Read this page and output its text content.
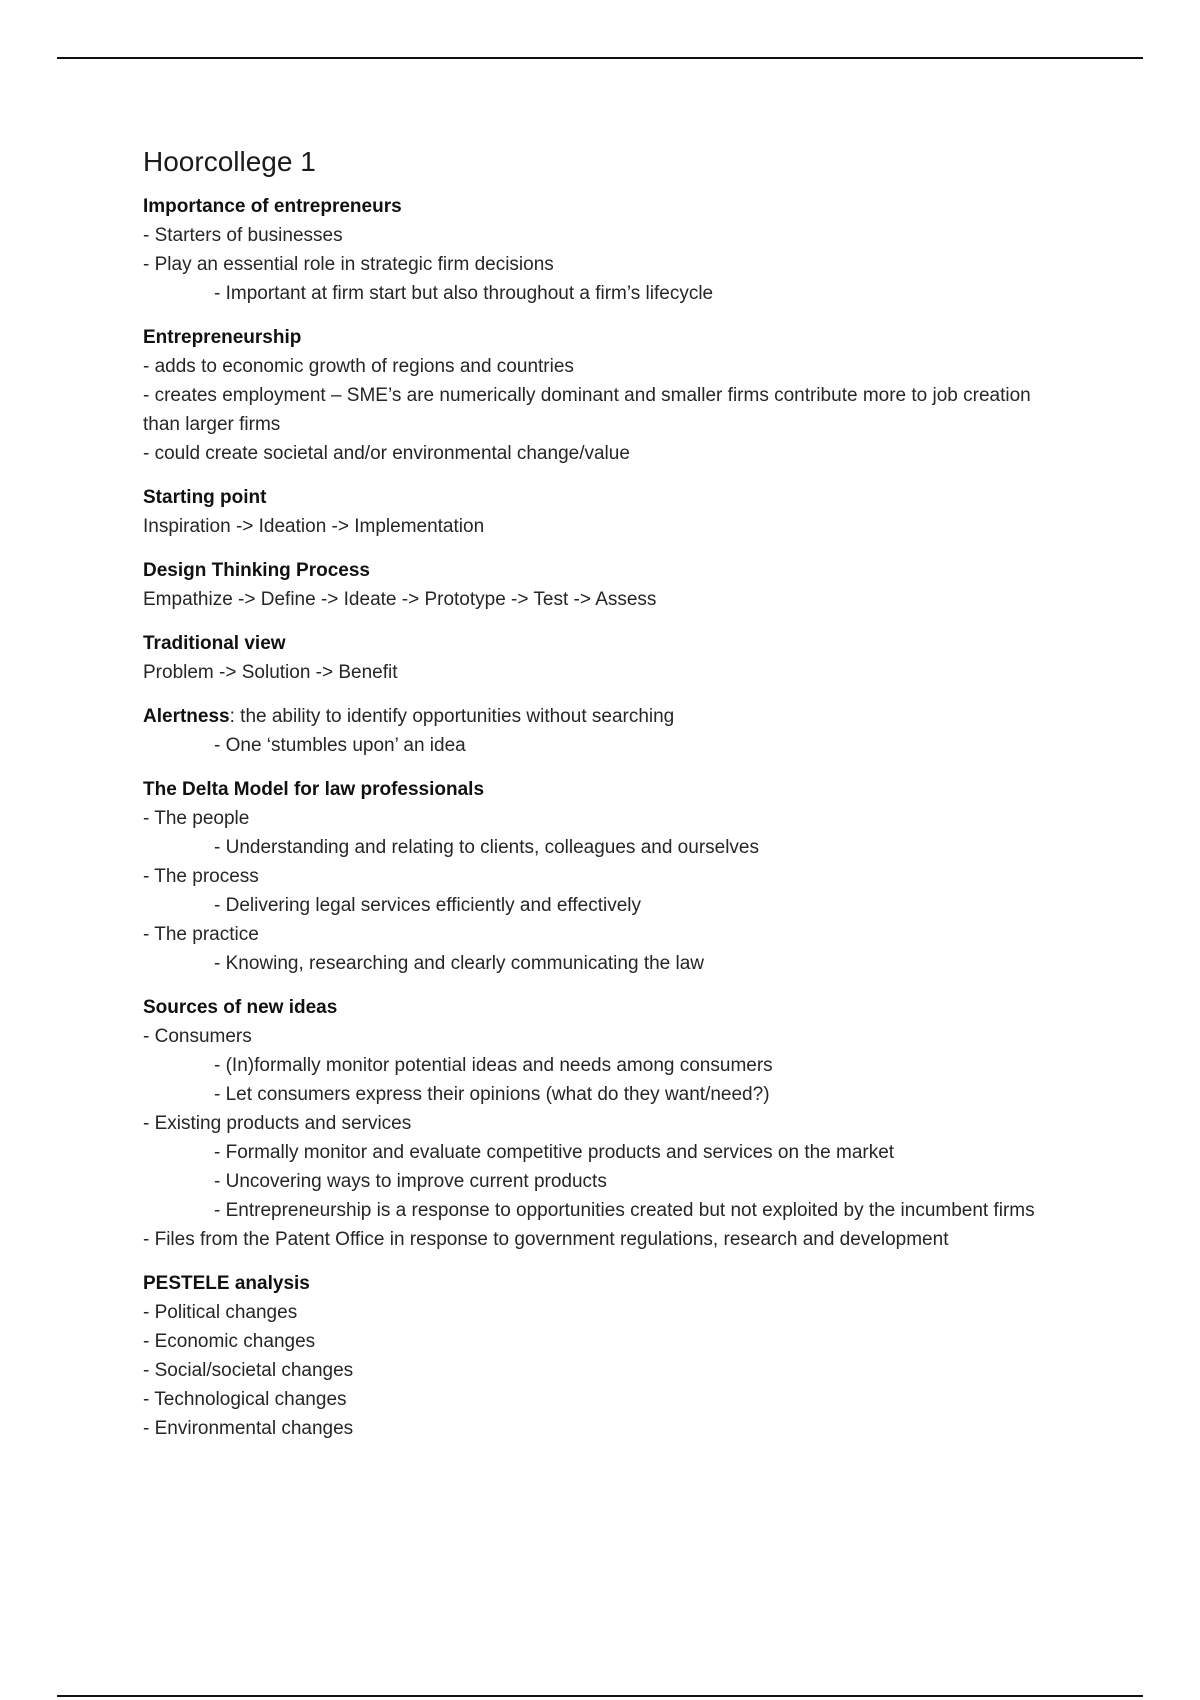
Hoorcollege 1
Importance of entrepreneurs
- Starters of businesses
- Play an essential role in strategic firm decisions
- Important at firm start but also throughout a firm’s lifecycle
Entrepreneurship
- adds to economic growth of regions and countries
- creates employment – SME’s are numerically dominant and smaller firms contribute more to job creation than larger firms
- could create societal and/or environmental change/value
Starting point
Inspiration -> Ideation -> Implementation
Design Thinking Process
Empathize -> Define -> Ideate -> Prototype -> Test -> Assess
Traditional view
Problem -> Solution -> Benefit
Alertness: the ability to identify opportunities without searching
- One ‘stumbles upon’ an idea
The Delta Model for law professionals
- The people
- Understanding and relating to clients, colleagues and ourselves
- The process
- Delivering legal services efficiently and effectively
- The practice
- Knowing, researching and clearly communicating the law
Sources of new ideas
- Consumers
- (In)formally monitor potential ideas and needs among consumers
- Let consumers express their opinions (what do they want/need?)
- Existing products and services
- Formally monitor and evaluate competitive products and services on the market
- Uncovering ways to improve current products
- Entrepreneurship is a response to opportunities created but not exploited by the incumbent firms
- Files from the Patent Office in response to government regulations, research and development
PESTELE analysis
- Political changes
- Economic changes
- Social/societal changes
- Technological changes
- Environmental changes
